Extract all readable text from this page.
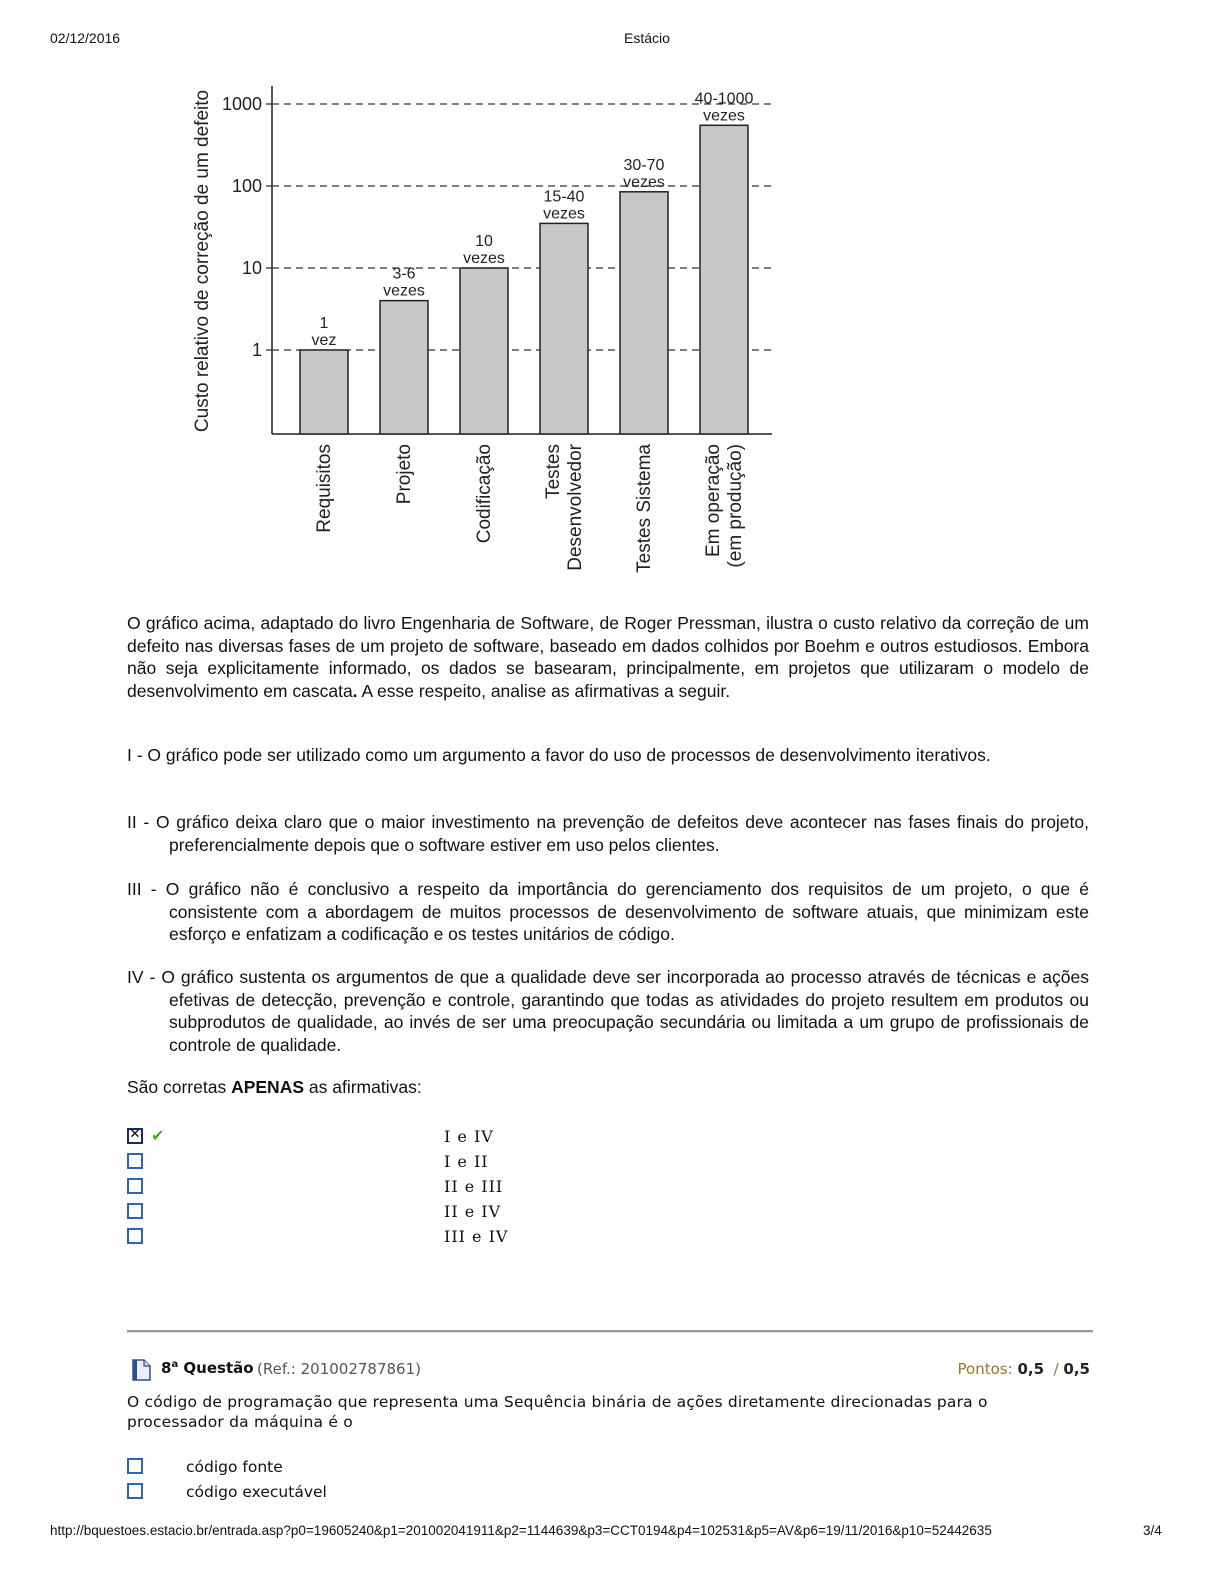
02/12/2016	Estácio
1000
100
10
1
Custo relativo de correção de um defeito	1
vez
Requisitos
3-6
vezes
Projeto
10
vezes
Codificação
15-40
vezes
Testes Desenvolvedor
30-70
vezes
Testes Sistema
40-1000
vezes
Em operação (em produção)
O gráfico acima, adaptado do livro Engenharia de Software, de Roger Pressman, ilustra o custo relativo da correção de um defeito nas diversas fases de um projeto de software, baseado em dados colhidos por Boehm e outros estudiosos. Embora não seja explicitamente informado, os dados se basearam, principalmente, em projetos que utilizaram o modelo de desenvolvimento em cascata. A esse respeito, analise as afirmativas a seguir.
I - O gráfico pode ser utilizado como um argumento a favor do uso de processos de desenvolvimento iterativos.
II - O gráfico deixa claro que o maior investimento na prevenção de defeitos deve acontecer nas fases finais do projeto, preferencialmente depois que o software estiver em uso pelos clientes.
III - O gráfico não é conclusivo a respeito da importância do gerenciamento dos requisitos de um projeto, o que é consistente com a abordagem de muitos processos de desenvolvimento de software atuais, que minimizam este esforço e enfatizam a codificação e os testes unitários de código.
IV - O gráfico sustenta os argumentos de que a qualidade deve ser incorporada ao processo através de técnicas e ações efetivas de detecção, prevenção e controle, garantindo que todas as atividades do projeto resultem em produtos ou subprodutos de qualidade, ao invés de ser uma preocupação secundária ou limitada a um grupo de profissionais de controle de qualidade.
São corretas APENAS as afirmativas:
✕ ✔	I e IV
I e II
II e III
II e IV
III e IV
8$^a$ Questão (Ref.: 201002787861)	Pontos: 0,5 / 0,5
O código de programação que representa uma Sequência binária de ações diretamente direcionadas para o processador da máquina é o
código fonte
código executável
http://bquestoes.estacio.br/entrada.asp?p0=19605240&p1=201002041911&p2=1144639&p3=CCT0194&p4=102531&p5=AV&p6=19/11/2016&p10=52442635	3/4
